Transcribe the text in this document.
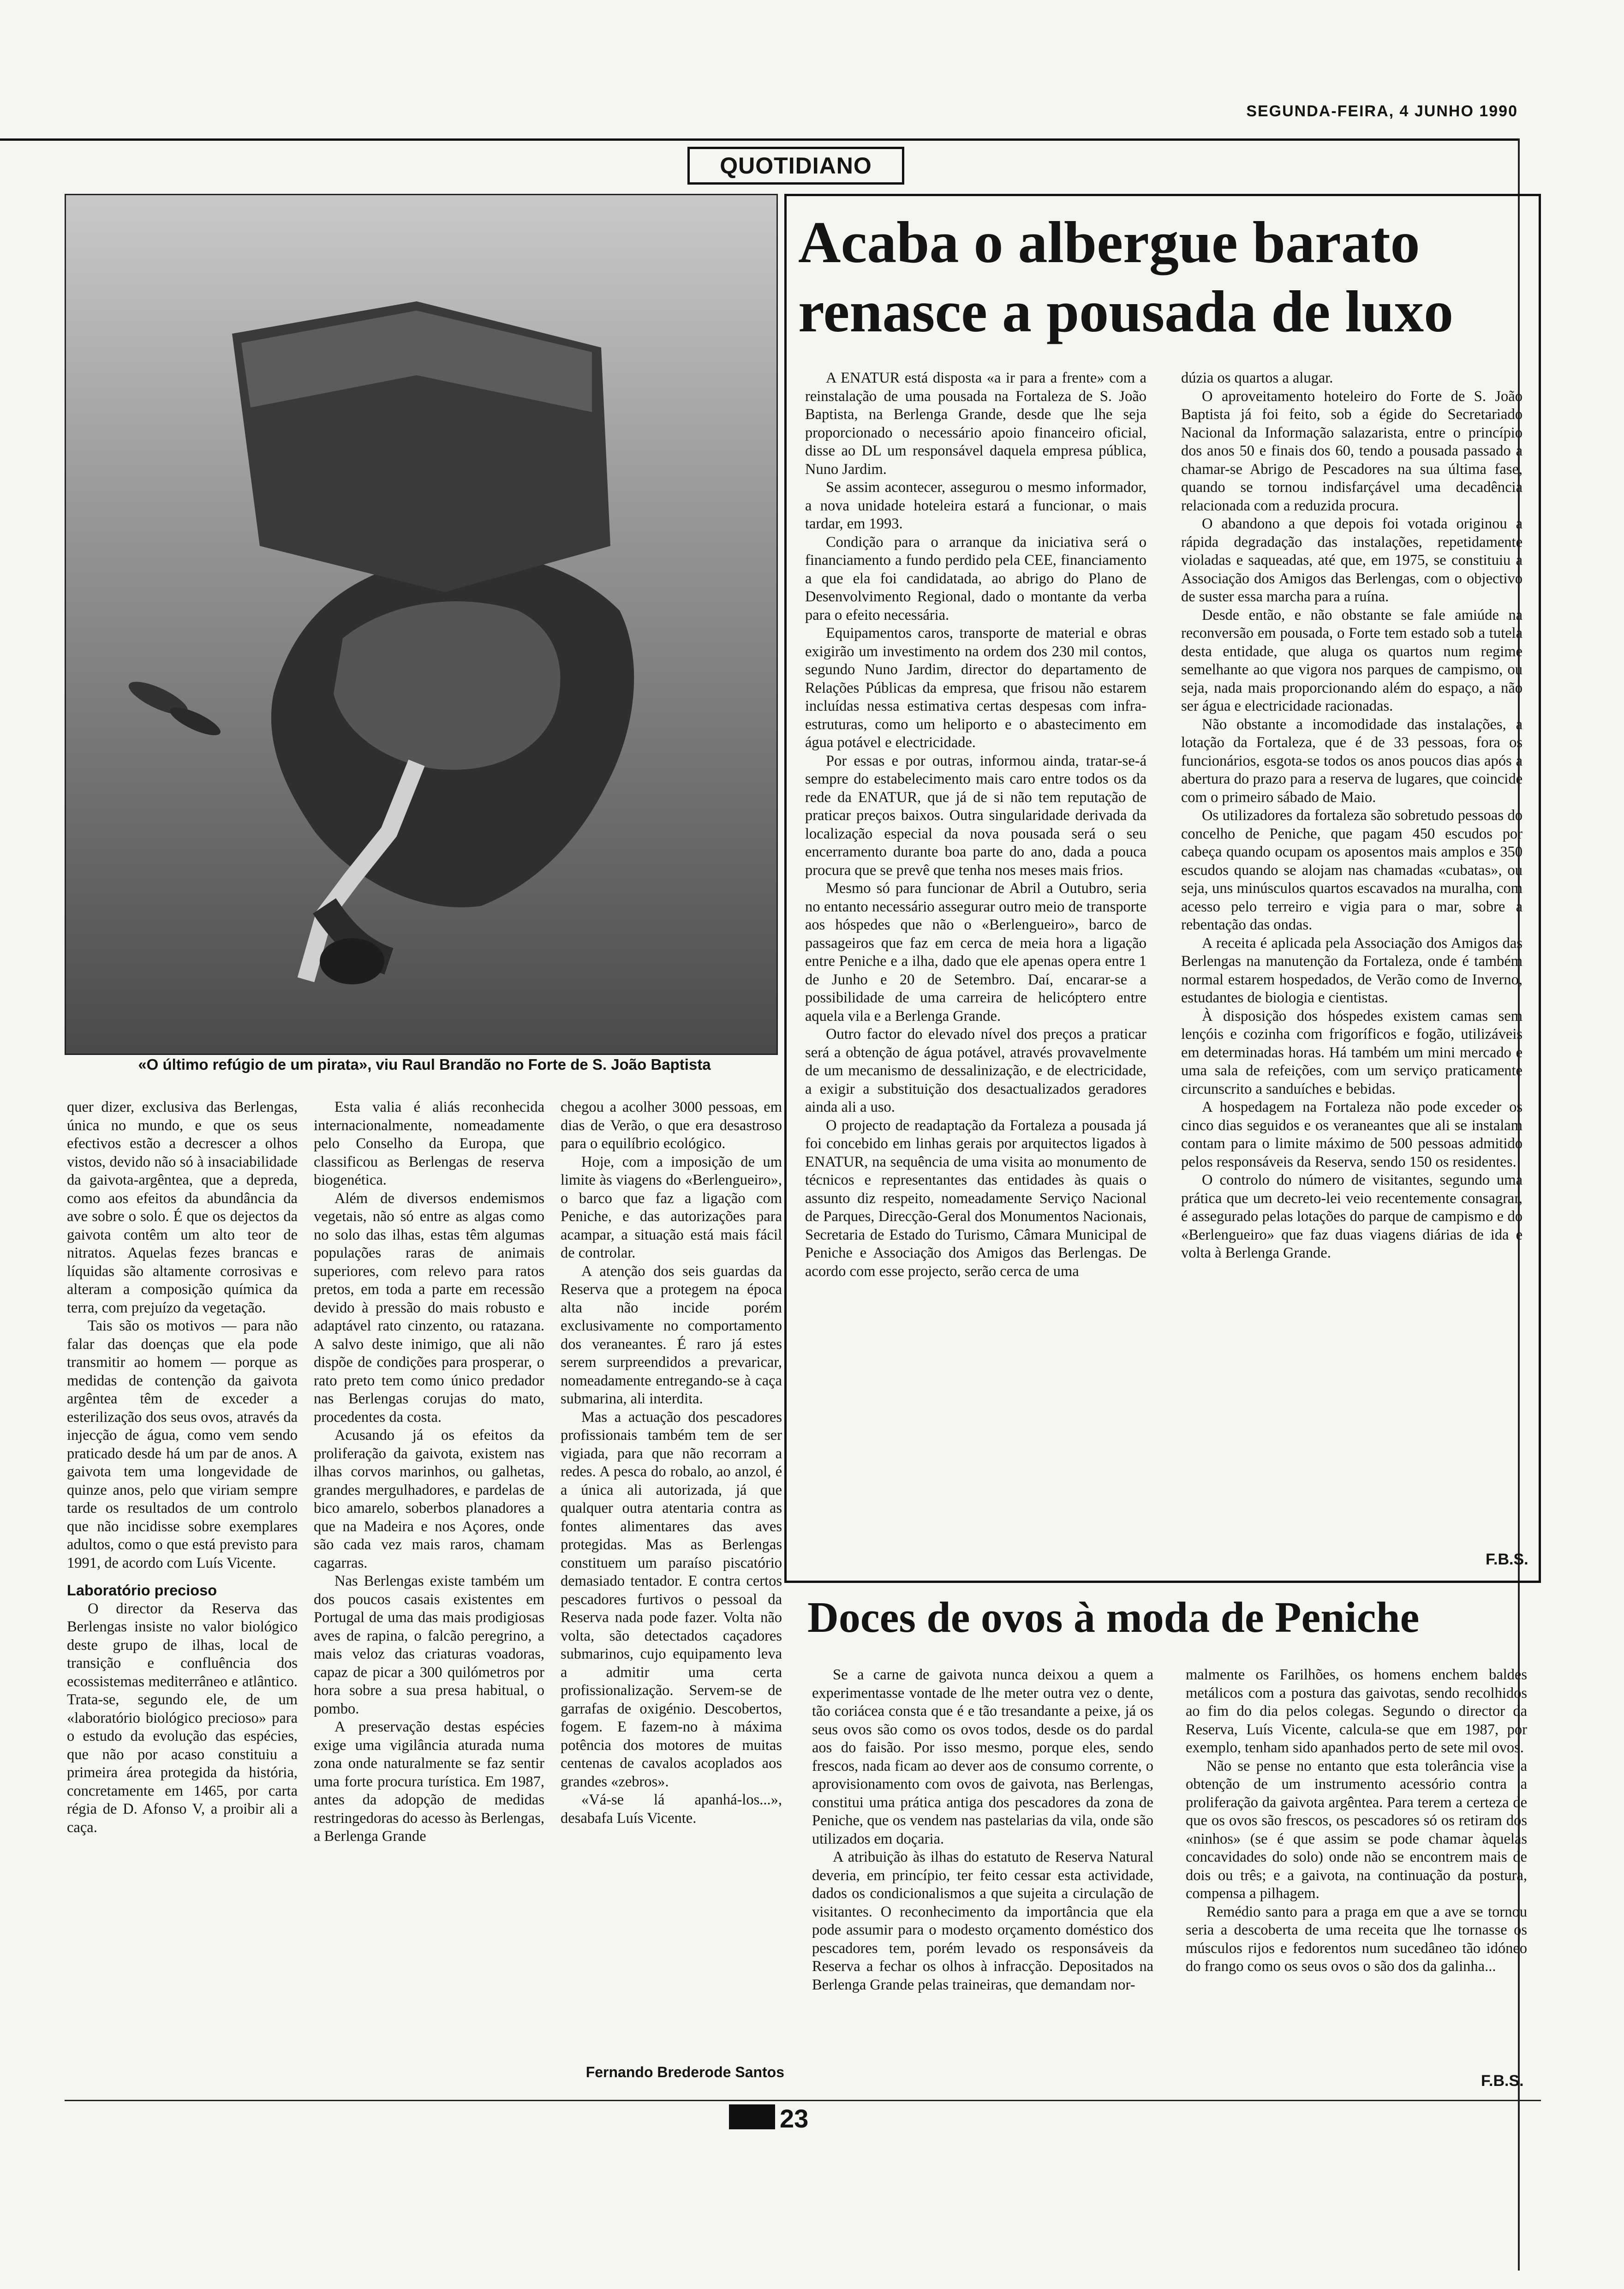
SEGUNDA-FEIRA, 4 JUNHO 1990
QUOTIDIANO
«O último refúgio de um pirata», viu Raul Brandão no Forte de S. João Baptista
Acaba o albergue barato renasce a pousada de luxo

A ENATUR está disposta «a ir para a frente» com a reinstalação de uma pousada na Fortaleza de S. João Baptista, na Berlenga Grande, desde que lhe seja proporcionado o necessário apoio financeiro oficial, disse ao DL um responsável daquela empresa pública, Nuno Jardim.

Se assim acontecer, assegurou o mesmo informador, a nova unidade hoteleira estará a funcionar, o mais tardar, em 1993.

Condição para o arranque da iniciativa será o financiamento a fundo perdido pela CEE, financiamento a que ela foi candidatada, ao abrigo do Plano de Desenvolvimento Regional, dado o montante da verba para o efeito necessária.

Equipamentos caros, transporte de material e obras exigirão um investimento na ordem dos 230 mil contos, segundo Nuno Jardim, director do departamento de Relações Públicas da empresa, que frisou não estarem incluídas nessa estimativa certas despesas com infra-estruturas, como um heliporto e o abastecimento em água potável e electricidade.

Por essas e por outras, informou ainda, tratar-se-á sempre do estabelecimento mais caro entre todos os da rede da ENATUR, que já de si não tem reputação de praticar preços baixos. Outra singularidade derivada da localização especial da nova pousada será o seu encerramento durante boa parte do ano, dada a pouca procura que se prevê que tenha nos meses mais frios.

Mesmo só para funcionar de Abril a Outubro, seria no entanto necessário assegurar outro meio de transporte aos hóspedes que não o «Berlengueiro», barco de passageiros que faz em cerca de meia hora a ligação entre Peniche e a ilha, dado que ele apenas opera entre 1 de Junho e 20 de Setembro. Daí, encarar-se a possibilidade de uma carreira de helicóptero entre aquela vila e a Berlenga Grande.

Outro factor do elevado nível dos preços a praticar será a obtenção de água potável, através provavelmente de um mecanismo de dessalinização, e de electricidade, a exigir a substituição dos desactualizados geradores ainda ali a uso.

O projecto de readaptação da Fortaleza a pousada já foi concebido em linhas gerais por arquitectos ligados à ENATUR, na sequência de uma visita ao monumento de técnicos e representantes das entidades às quais o assunto diz respeito, nomeadamente Serviço Nacional de Parques, Direcção-Geral dos Monumentos Nacionais, Secretaria de Estado do Turismo, Câmara Municipal de Peniche e Associação dos Amigos das Berlengas. De acordo com esse projecto, serão cerca de uma

dúzia os quartos a alugar.

O aproveitamento hoteleiro do Forte de S. João Baptista já foi feito, sob a égide do Secretariado Nacional da Informação salazarista, entre o princípio dos anos 50 e finais dos 60, tendo a pousada passado a chamar-se Abrigo de Pescadores na sua última fase, quando se tornou indisfarçável uma decadência relacionada com a reduzida procura.

O abandono a que depois foi votada originou a rápida degradação das instalações, repetidamente violadas e saqueadas, até que, em 1975, se constituiu a Associação dos Amigos das Berlengas, com o objectivo de suster essa marcha para a ruína.

Desde então, e não obstante se fale amiúde na reconversão em pousada, o Forte tem estado sob a tutela desta entidade, que aluga os quartos num regime semelhante ao que vigora nos parques de campismo, ou seja, nada mais proporcionando além do espaço, a não ser água e electricidade racionadas.

Não obstante a incomodidade das instalações, a lotação da Fortaleza, que é de 33 pessoas, fora os funcionários, esgota-se todos os anos poucos dias após a abertura do prazo para a reserva de lugares, que coincide com o primeiro sábado de Maio.

Os utilizadores da fortaleza são sobretudo pessoas do concelho de Peniche, que pagam 450 escudos por cabeça quando ocupam os aposentos mais amplos e 350 escudos quando se alojam nas chamadas «cubatas», ou seja, uns minúsculos quartos escavados na muralha, com acesso pelo terreiro e vigia para o mar, sobre a rebentação das ondas.

A receita é aplicada pela Associação dos Amigos das Berlengas na manutenção da Fortaleza, onde é também normal estarem hospedados, de Verão como de Inverno, estudantes de biologia e cientistas.

À disposição dos hóspedes existem camas sem lençóis e cozinha com frigoríficos e fogão, utilizáveis em determinadas horas. Há também um mini mercado e uma sala de refeições, com um serviço praticamente circunscrito a sanduíches e bebidas.

A hospedagem na Fortaleza não pode exceder os cinco dias seguidos e os veraneantes que ali se instalam contam para o limite máximo de 500 pessoas admitido pelos responsáveis da Reserva, sendo 150 os residentes.

O controlo do número de visitantes, segundo uma prática que um decreto-lei veio recentemente consagrar, é assegurado pelas lotações do parque de campismo e do «Berlengueiro» que faz duas viagens diárias de ida e volta à Berlenga Grande.

F.B.S.

quer dizer, exclusiva das Berlengas, única no mundo, e que os seus efectivos estão a decrescer a olhos vistos, devido não só à insaciabilidade da gaivota-argêntea, que a depreda, como aos efeitos da abundância da ave sobre o solo. É que os dejectos da gaivota contêm um alto teor de nitratos. Aquelas fezes brancas e líquidas são altamente corrosivas e alteram a composição química da terra, com prejuízo da vegetação.

Tais são os motivos — para não falar das doenças que ela pode transmitir ao homem — porque as medidas de contenção da gaivota argêntea têm de exceder a esterilização dos seus ovos, através da injecção de água, como vem sendo praticado desde há um par de anos. A gaivota tem uma longevidade de quinze anos, pelo que viriam sempre tarde os resultados de um controlo que não incidisse sobre exemplares adultos, como o que está previsto para 1991, de acordo com Luís Vicente.

Laboratório precioso

O director da Reserva das Berlengas insiste no valor biológico deste grupo de ilhas, local de transição e confluência dos ecossistemas mediterrâneo e atlântico. Trata-se, segundo ele, de um «laboratório biológico precioso» para o estudo da evolução das espécies, que não por acaso constituiu a primeira área protegida da história, concretamente em 1465, por carta régia de D. Afonso V, a proibir ali a caça.

Esta valia é aliás reconhecida internacionalmente, nomeadamente pelo Conselho da Europa, que classificou as Berlengas de reserva biogenética.

Além de diversos endemismos vegetais, não só entre as algas como no solo das ilhas, estas têm algumas populações raras de animais superiores, com relevo para ratos pretos, em toda a parte em recessão devido à pressão do mais robusto e adaptável rato cinzento, ou ratazana. A salvo deste inimigo, que ali não dispõe de condições para prosperar, o rato preto tem como único predador nas Berlengas corujas do mato, procedentes da costa.

Acusando já os efeitos da proliferação da gaivota, existem nas ilhas corvos marinhos, ou galhetas, grandes mergulhadores, e pardelas de bico amarelo, soberbos planadores a que na Madeira e nos Açores, onde são cada vez mais raros, chamam cagarras.

Nas Berlengas existe também um dos poucos casais existentes em Portugal de uma das mais prodigiosas aves de rapina, o falcão peregrino, a mais veloz das criaturas voadoras, capaz de picar a 300 quilómetros por hora sobre a sua presa habitual, o pombo.

A preservação destas espécies exige uma vigilância aturada numa zona onde naturalmente se faz sentir uma forte procura turística. Em 1987, antes da adopção de medidas restringedoras do acesso às Berlengas, a Berlenga Grande

chegou a acolher 3000 pessoas, em dias de Verão, o que era desastroso para o equilíbrio ecológico.

Hoje, com a imposição de um limite às viagens do «Berlengueiro», o barco que faz a ligação com Peniche, e das autorizações para acampar, a situação está mais fácil de controlar.

A atenção dos seis guardas da Reserva que a protegem na época alta não incide porém exclusivamente no comportamento dos veraneantes. É raro já estes serem surpreendidos a prevaricar, nomeadamente entregando-se à caça submarina, ali interdita.

Mas a actuação dos pescadores profissionais também tem de ser vigiada, para que não recorram a redes. A pesca do robalo, ao anzol, é a única ali autorizada, já que qualquer outra atentaria contra as fontes alimentares das aves protegidas. Mas as Berlengas constituem um paraíso piscatório demasiado tentador. E contra certos pescadores furtivos o pessoal da Reserva nada pode fazer. Volta não volta, são detectados caçadores submarinos, cujo equipamento leva a admitir uma certa profissionalização. Servem-se de garrafas de oxigénio. Descobertos, fogem. E fazem-no à máxima potência dos motores de muitas centenas de cavalos acoplados aos grandes «zebros».

«Vá-se lá apanhá-los...», desabafa Luís Vicente.

Fernando Brederode Santos
Doces de ovos à moda de Peniche

Se a carne de gaivota nunca deixou a quem a experimentasse vontade de lhe meter outra vez o dente, tão coriácea consta que é e tão tresandante a peixe, já os seus ovos são como os ovos todos, desde os do pardal aos do faisão. Por isso mesmo, porque eles, sendo frescos, nada ficam ao dever aos de consumo corrente, o aprovisionamento com ovos de gaivota, nas Berlengas, constitui uma prática antiga dos pescadores da zona de Peniche, que os vendem nas pastelarias da vila, onde são utilizados em doçaria.

A atribuição às ilhas do estatuto de Reserva Natural deveria, em princípio, ter feito cessar esta actividade, dados os condicionalismos a que sujeita a circulação de visitantes. O reconhecimento da importância que ela pode assumir para o modesto orçamento doméstico dos pescadores tem, porém levado os responsáveis da Reserva a fechar os olhos à infracção. Depositados na Berlenga Grande pelas traineiras, que demandam nor-

malmente os Farilhões, os homens enchem baldes metálicos com a postura das gaivotas, sendo recolhidos ao fim do dia pelos colegas. Segundo o director da Reserva, Luís Vicente, calcula-se que em 1987, por exemplo, tenham sido apanhados perto de sete mil ovos.

Não se pense no entanto que esta tolerância vise a obtenção de um instrumento acessório contra a proliferação da gaivota argêntea. Para terem a certeza de que os ovos são frescos, os pescadores só os retiram dos «ninhos» (se é que assim se pode chamar àquelas concavidades do solo) onde não se encontrem mais de dois ou três; e a gaivota, na continuação da postura, compensa a pilhagem.

Remédio santo para a praga em que a ave se tornou seria a descoberta de uma receita que lhe tornasse os músculos rijos e fedorentos num sucedâneo tão idóneo do frango como os seus ovos o são dos da galinha...

F.B.S.
23
